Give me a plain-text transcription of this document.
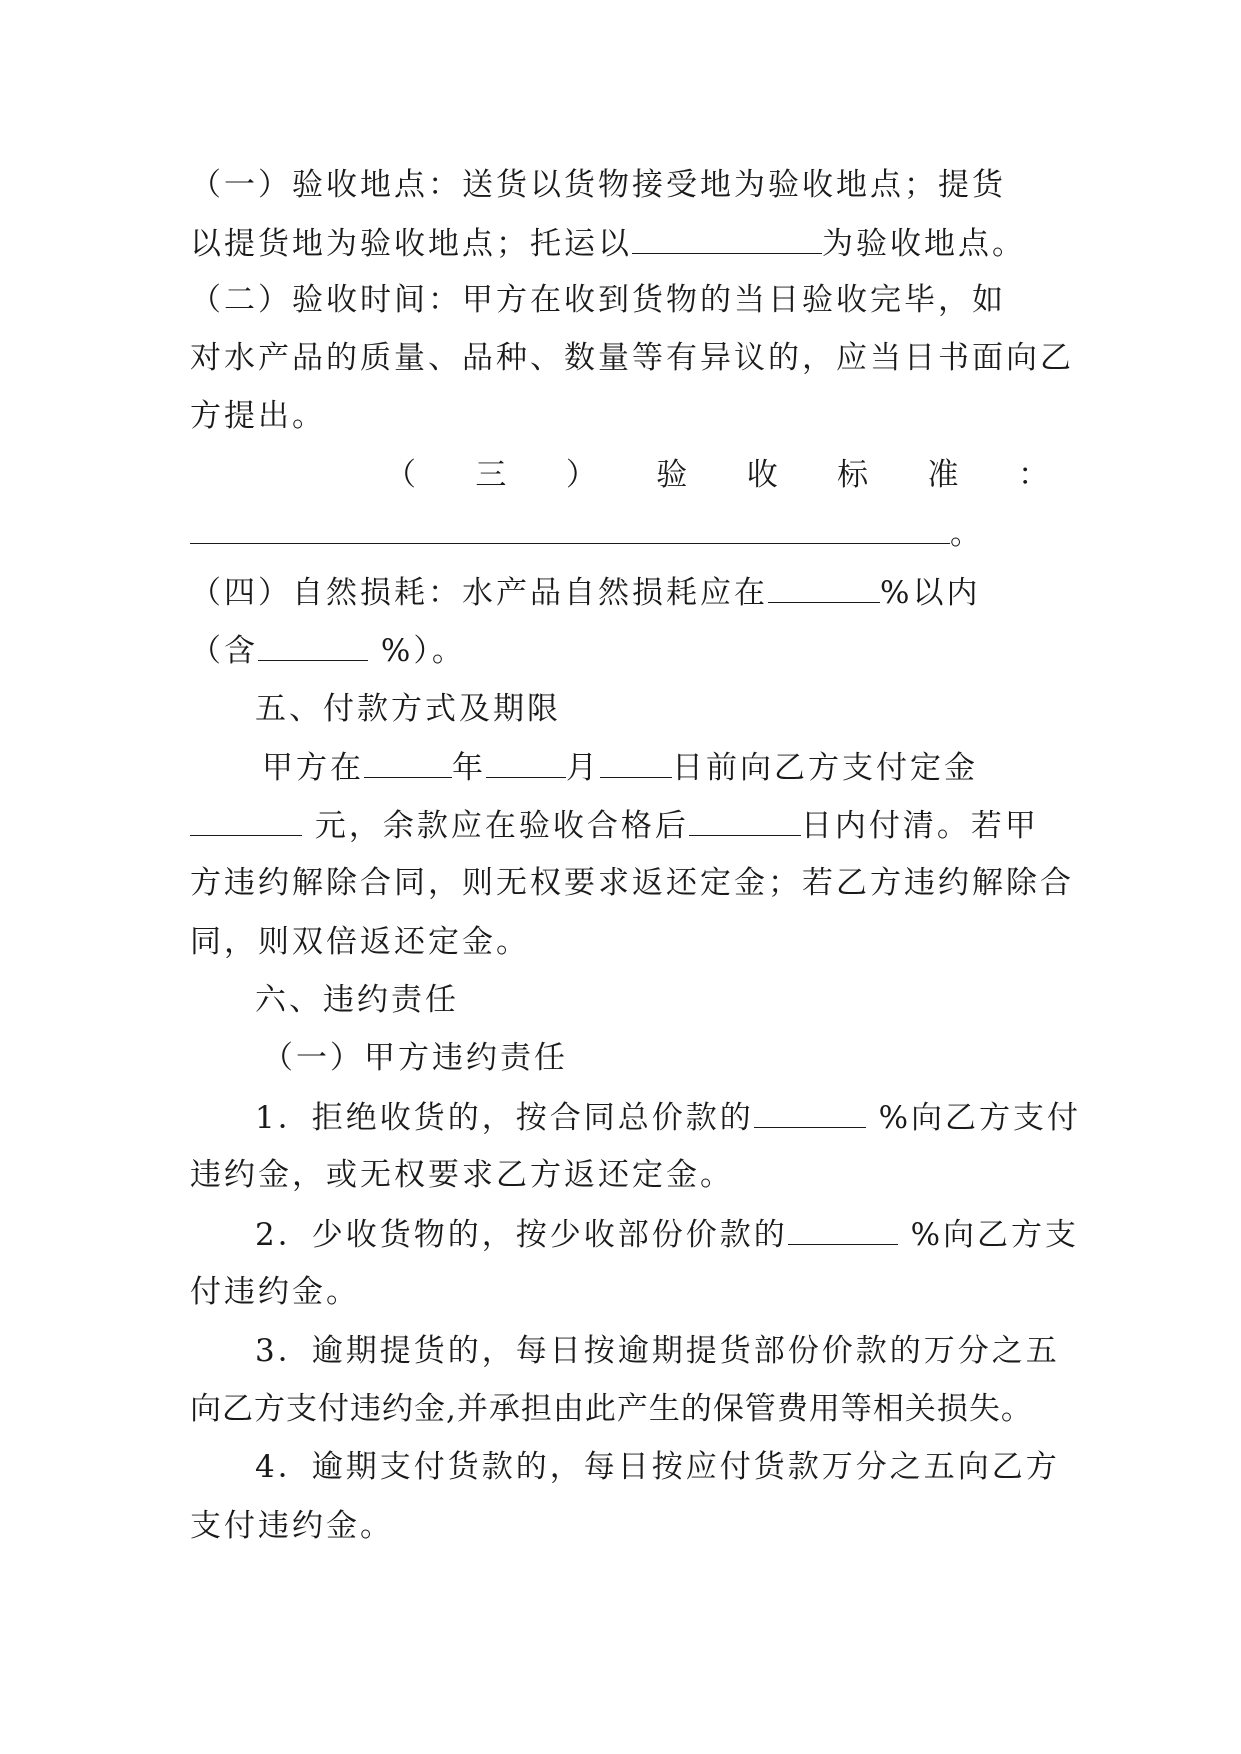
（一）验收地点：送货以货物接受地为验收地点；提货
以提货地为验收地点；托运以	为验收地点。
（二）验收时间：甲方在收到货物的当日验收完毕，如
对水产品的质量、品种、数量等有异议的，应当日书面向乙
方提出。
（ 三 ） 验 收 标 准 ：
。
（四）自然损耗：水产品自然损耗应在	%以内
（含	%）。
五、付款方式及期限
甲方在	年	月 日前向乙方支付定金
元，余款应在验收合格后	日内付清。若甲
方违约解除合同，则无权要求返还定金；若乙方违约解除合
同，则双倍返还定金。
六、违约责任
（一）甲方违约责任
1．拒绝收货的，按合同总价款的	%向乙方支付
违约金，或无权要求乙方返还定金。
2．少收货物的，按少收部份价款的	%向乙方支
付违约金。
3．逾期提货的，每日按逾期提货部份价款的万分之五
向乙方支付违约金,并承担由此产生的保管费用等相关损失。
4．逾期支付货款的，每日按应付货款万分之五向乙方
支付违约金。
